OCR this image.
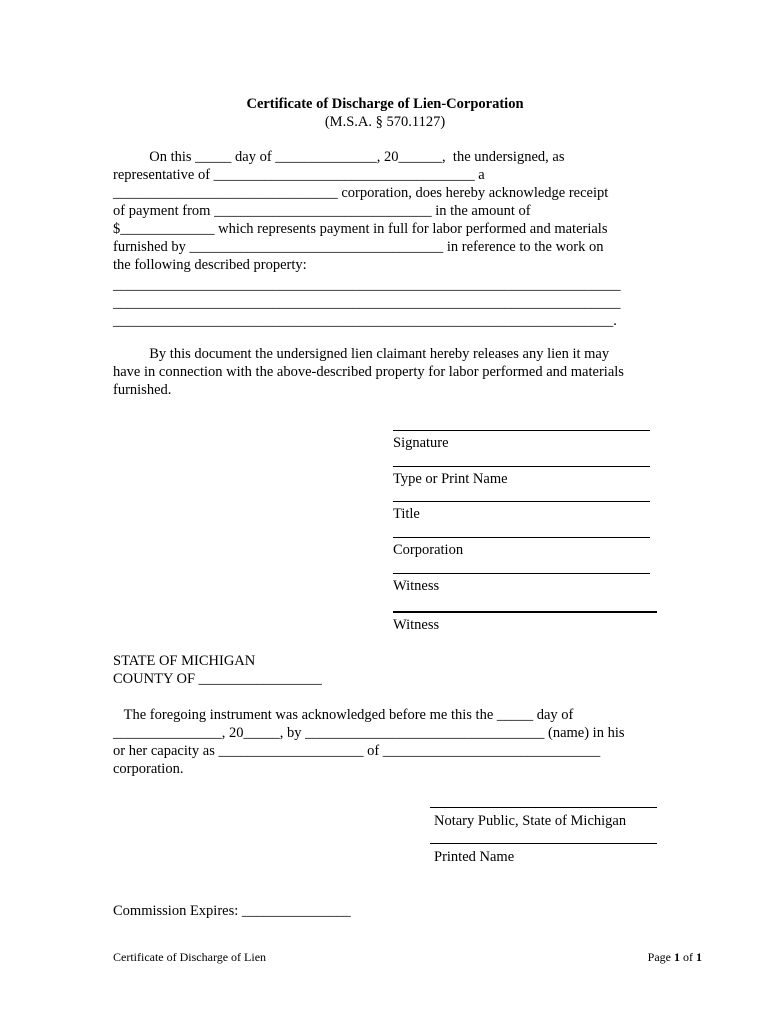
Certificate of Discharge of Lien-Corporation
(M.S.A. § 570.1127)
On this _____ day of ______________, 20______,  the undersigned, as
representative of ____________________________________ a
_______________________________ corporation, does hereby acknowledge receipt
of payment from ______________________________ in the amount of
$_____________ which represents payment in full for labor performed and materials
furnished by ___________________________________ in reference to the work on
the following described property:
______________________________________________________________________
______________________________________________________________________
_____________________________________________________________________.
By this document the undersigned lien claimant hereby releases any lien it may
have in connection with the above-described property for labor performed and materials
furnished.
Signature
Type or Print Name
Title
Corporation
Witness
Witness
STATE OF MICHIGAN
COUNTY OF _________________
The foregoing instrument was acknowledged before me this the _____ day of
_______________, 20_____, by _________________________________ (name) in his
or her capacity as ____________________ of ______________________________
corporation.
Notary Public, State of Michigan
Printed Name
Commission Expires: _______________
Certificate of Discharge of Lien	Page 1 of 1
